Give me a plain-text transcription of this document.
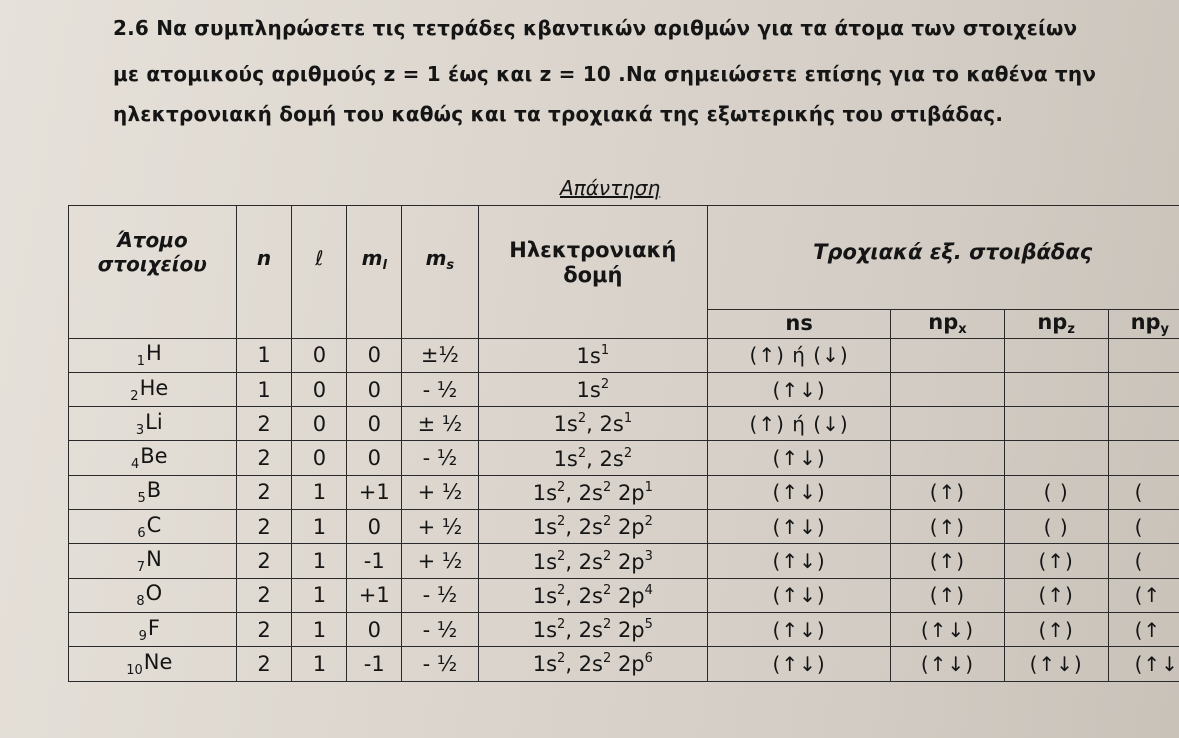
2.6 Να συμπληρώσετε τις τετράδες κβαντικών αριθμών για τα άτομα των στοιχείων
με ατομικούς αριθμούς z = 1 έως και z = 10 .Να σημειώσετε επίσης για το καθένα την
ηλεκτρονιακή δομή του καθώς και τα τροχιακά της εξωτερικής του στιβάδας.
Απάντηση
Άτομο στοιχείου	n	ℓ	$m_l$	$m_s$	Ηλεκτρονιακή δομή	Τροχιακά εξ. στοιβάδας			
						ns	$np_x$	$np_z$	$np_y$
$_1$H	1	0	0	±½	$1s^1$	(↑) ή (↓)			
$_2$He	1	0	0	- ½	$1s^2$	(↑↓)			
$_3$Li	2	0	0	± ½	$1s^2$, $2s^1$	(↑) ή (↓)			
$_4$Be	2	0	0	- ½	$1s^2$, $2s^2$	(↑↓)			
$_5$B	2	1	+1	+ ½	$1s^2$, $2s^2$ $2p^1$	(↑↓)	(↑)	( )	(
$_6$C	2	1	0	+ ½	$1s^2$, $2s^2$ $2p^2$	(↑↓)	(↑)	( )	(
$_7$N	2	1	-1	+ ½	$1s^2$, $2s^2$ $2p^3$	(↑↓)	(↑)	(↑)	(
$_8$O	2	1	+1	- ½	$1s^2$, $2s^2$ $2p^4$	(↑↓)	(↑)	(↑)	(↑
$_9$F	2	1	0	- ½	$1s^2$, $2s^2$ $2p^5$	(↑↓)	(↑↓)	(↑)	(↑
$_{10}$Ne	2	1	-1	- ½	$1s^2$, $2s^2$ $2p^6$	(↑↓)	(↑↓)	(↑↓)	(↑↓
